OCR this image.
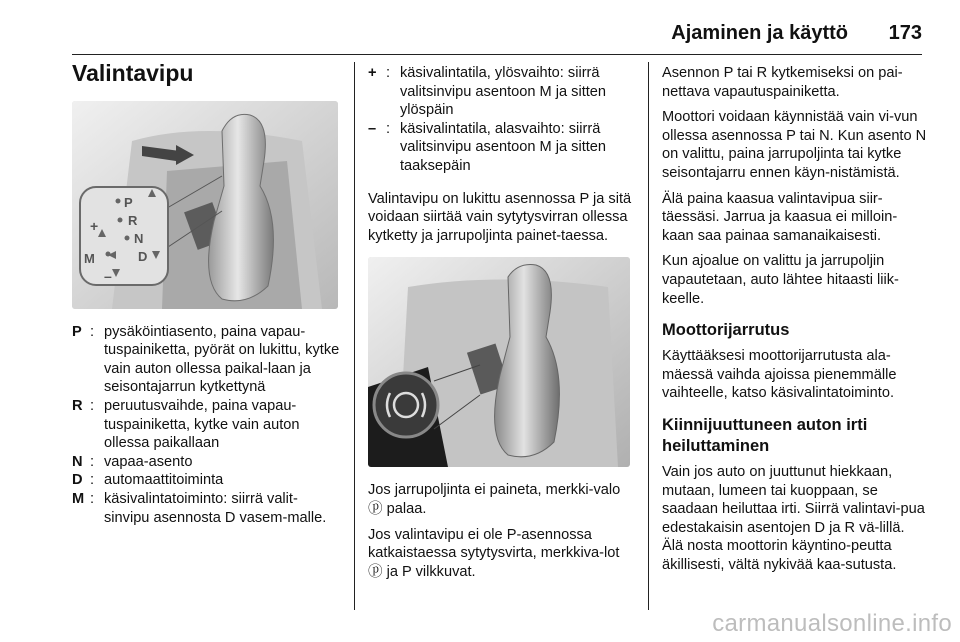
Ajaminen ja käyttö 173
Valintavipu
P
R
N
D
M
+
–
P : pysäköintiasento, paina vapau-tuspainiketta, pyörät on lukittu, kytke vain auton ollessa paikal-laan ja seisontajarrun kytkettynä
R : peruutusvaihde, paina vapau-tuspainiketta, kytke vain auton ollessa paikallaan
N : vapaa-asento
D : automaattitoiminta
M : käsivalintatoiminto: siirrä valit-sinvipu asennosta D vasem-malle.
+ : käsivalintatila, ylösvaihto: siirrä valitsinvipu asentoon M ja sitten ylöspäin
– : käsivalintatila, alasvaihto: siirrä valitsinvipu asentoon M ja sitten taaksepäin

Valintavipu on lukittu asennossa P ja sitä voidaan siirtää vain sytytysvirran ollessa kytketty ja jarrupoljinta painet-taessa.

Jos jarrupoljinta ei paineta, merkki-valo ⓟ palaa.

Jos valintavipu ei ole P-asennossa katkaistaessa sytytysvirta, merkkiva-lot ⓟ ja P vilkkuvat.

Asennon P tai R kytkemiseksi on pai-nettava vapautuspainiketta.

Moottori voidaan käynnistää vain vi-vun ollessa asennossa P tai N. Kun asento N on valittu, paina jarrupoljinta tai kytke seisontajarru ennen käyn-nistämistä.

Älä paina kaasua valintavipua siir-täessäsi. Jarrua ja kaasua ei milloin-kaan saa painaa samanaikaisesti.

Kun ajoalue on valittu ja jarrupoljin vapautetaan, auto lähtee hitaasti liik-keelle.

Moottorijarrutus

Käyttääksesi moottorijarrutusta ala-mäessä vaihda ajoissa pienemmälle vaihteelle, katso käsivalintatoiminto.

Kiinnijuuttuneen auton irti heiluttaminen

Vain jos auto on juuttunut hiekkaan, mutaan, lumeen tai kuoppaan, se saadaan heiluttaa irti. Siirrä valintavi-pua edestakaisin asentojen D ja R vä-lillä. Älä nosta moottorin käyntino-peutta äkillisesti, vältä nykivää kaa-sutusta.

carmanualsonline.info
